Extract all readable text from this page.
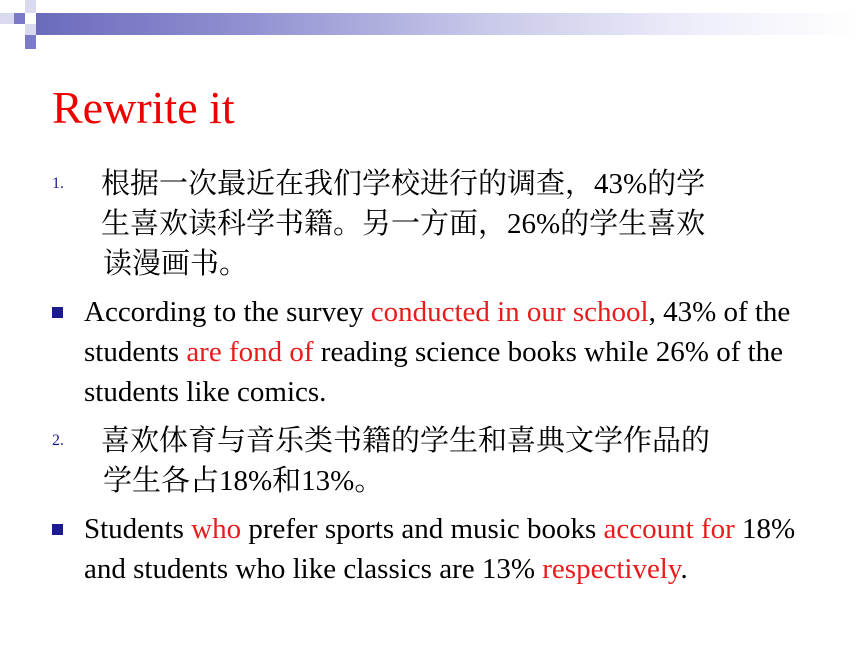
Rewrite it
1. 根据一次最近在我们学校进行的调查，43%的学
生喜欢读科学书籍。另一方面，26%的学生喜欢
读漫画书。

According to the survey conducted in our school, 43% of the students are fond of reading science books while 26% of the students like comics.

2. 喜欢体育与音乐类书籍的学生和喜典文学作品的
学生各占18%和13%。

Students who prefer sports and music books account for 18% and students who like classics are 13% respectively.
